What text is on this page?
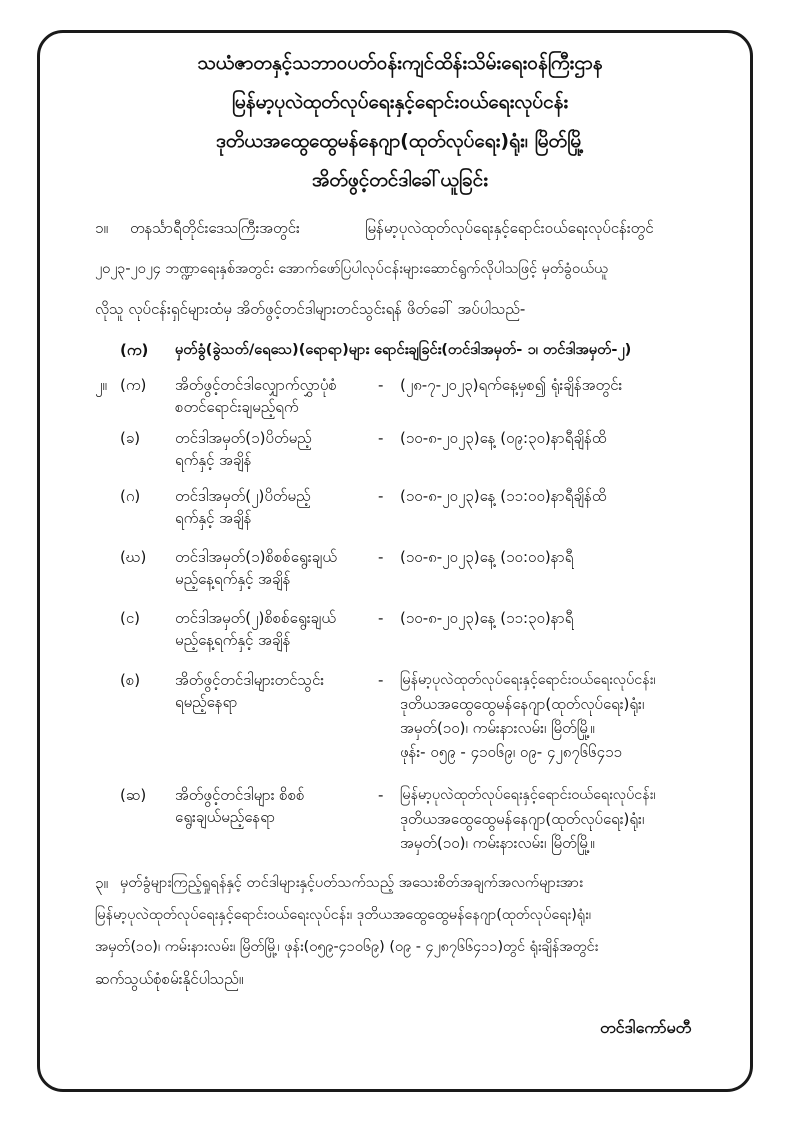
သယံဇာတနှင့်သဘာဝပတ်ဝန်းကျင်ထိန်းသိမ်းရေးဝန်ကြီးဌာန
မြန်မာ့ပုလဲထုတ်လုပ်ရေးနှင့်ရောင်းဝယ်ရေးလုပ်ငန်း
ဒုတိယအထွေထွေမန်နေဂျာ(ထုတ်လုပ်ရေး)ရုံး၊ မြိတ်မြို့
အိတ်ဖွင့်တင်ဒါခေါ်ယူခြင်း
၁။ တနင်္သာရီတိုင်းဒေသကြီးအတွင်း	မြန်မာ့ပုလဲထုတ်လုပ်ရေးနှင့်ရောင်းဝယ်ရေးလုပ်ငန်းတွင်
၂၀၂၃-၂၀၂၄ ဘဏ္ဍာရေးနှစ်အတွင်း အောက်ဖော်ပြပါလုပ်ငန်းများဆောင်ရွက်လိုပါသဖြင့် မှတ်ခွံဝယ်ယူ
လိုသူ လုပ်ငန်းရှင်များထံမှ အိတ်ဖွင့်တင်ဒါများတင်သွင်းရန် ဖိတ်ခေါ် အပ်ပါသည်-
(က) မှတ်ခွံ(ခွဲသတ်/ရေသေ)(ရောရာ)များ ရောင်းချခြင်း(တင်ဒါအမှတ်- ၁၊ တင်ဒါအမှတ်-၂)
၂။ (က) အိတ်ဖွင့်တင်ဒါလျှောက်လွှာပုံစံ
စတင်ရောင်းချမည့်ရက်
- (၂၈-၇-၂၀၂၃)ရက်နေ့မှစ၍ ရုံးချိန်အတွင်း
(ခ) တင်ဒါအမှတ်(၁)ပိတ်မည့်
ရက်နှင့် အချိန်
- (၁၀-၈-၂၀၂၃)နေ့ (၀၉:၃၀)နာရီချိန်ထိ
(ဂ) တင်ဒါအမှတ်(၂)ပိတ်မည့်
ရက်နှင့် အချိန်
- (၁၀-၈-၂၀၂၃)နေ့ (၁၁:၀၀)နာရီချိန်ထိ
(ဃ) တင်ဒါအမှတ်(၁)စိစစ်ရွေးချယ်
မည့်နေ့ရက်နှင့် အချိန်
- (၁၀-၈-၂၀၂၃)နေ့ (၁၀:၀၀)နာရီ
(င) တင်ဒါအမှတ်(၂)စိစစ်ရွေးချယ်
မည့်နေ့ရက်နှင့် အချိန်
- (၁၀-၈-၂၀၂၃)နေ့ (၁၁:၃၀)နာရီ
(စ) အိတ်ဖွင့်တင်ဒါများတင်သွင်း
ရမည့်နေရာ
- မြန်မာ့ပုလဲထုတ်လုပ်ရေးနှင့်ရောင်းဝယ်ရေးလုပ်ငန်း၊
ဒုတိယအထွေထွေမန်နေဂျာ(ထုတ်လုပ်ရေး)ရုံး၊
အမှတ်(၁၀)၊ ကမ်းနားလမ်း၊ မြိတ်မြို့။
ဖုန်း- ၀၅၉ - ၄၁၀၆၉၊ ၀၉- ၄၂၈၇၆၆၄၁၁
(ဆ) အိတ်ဖွင့်တင်ဒါများ စိစစ်
ရွေးချယ်မည့်နေရာ
- မြန်မာ့ပုလဲထုတ်လုပ်ရေးနှင့်ရောင်းဝယ်ရေးလုပ်ငန်း၊
ဒုတိယအထွေထွေမန်နေဂျာ(ထုတ်လုပ်ရေး)ရုံး၊
အမှတ်(၁၀)၊ ကမ်းနားလမ်း၊ မြိတ်မြို့။
၃။ မှတ်ခွံများကြည့်ရှုရန်နှင့် တင်ဒါများနှင့်ပတ်သက်သည့် အသေးစိတ်အချက်အလက်များအား
မြန်မာ့ပုလဲထုတ်လုပ်ရေးနှင့်ရောင်းဝယ်ရေးလုပ်ငန်း၊ ဒုတိယအထွေထွေမန်နေဂျာ(ထုတ်လုပ်ရေး)ရုံး၊
အမှတ်(၁၀)၊ ကမ်းနားလမ်း၊ မြိတ်မြို့၊ ဖုန်း(၀၅၉-၄၁၀၆၉) (၀၉ - ၄၂၈၇၆၆၄၁၁)တွင် ရုံးချိန်အတွင်း
ဆက်သွယ်စုံစမ်းနိုင်ပါသည်။
တင်ဒါကော်မတီ
